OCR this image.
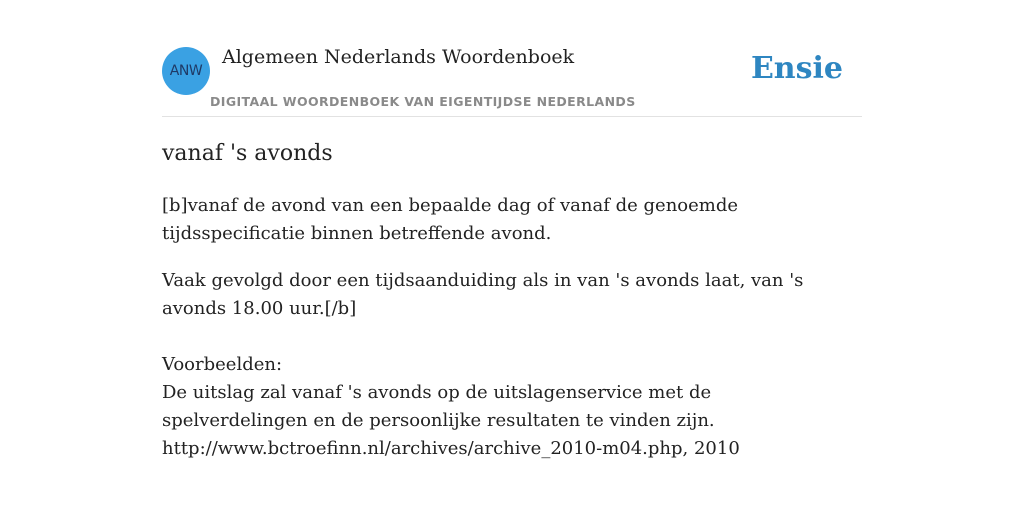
ANW
Algemeen Nederlands Woordenboek
DIGITAAL WOORDENBOEK VAN EIGENTIJDSE NEDERLANDS
Ensie
vanaf 's avonds

[b]vanaf de avond van een bepaalde dag of vanaf de genoemde tijdsspecificatie binnen betreffende avond.

Vaak gevolgd door een tijdsaanduiding als in van 's avonds laat, van 's avonds 18.00 uur.[/b]

Voorbeelden:
De uitslag zal vanaf 's avonds op de uitslagenservice met de spelverdelingen en de persoonlijke resultaten te vinden zijn.
http://www.bctroefinn.nl/archives/archive_2010-m04.php, 2010
